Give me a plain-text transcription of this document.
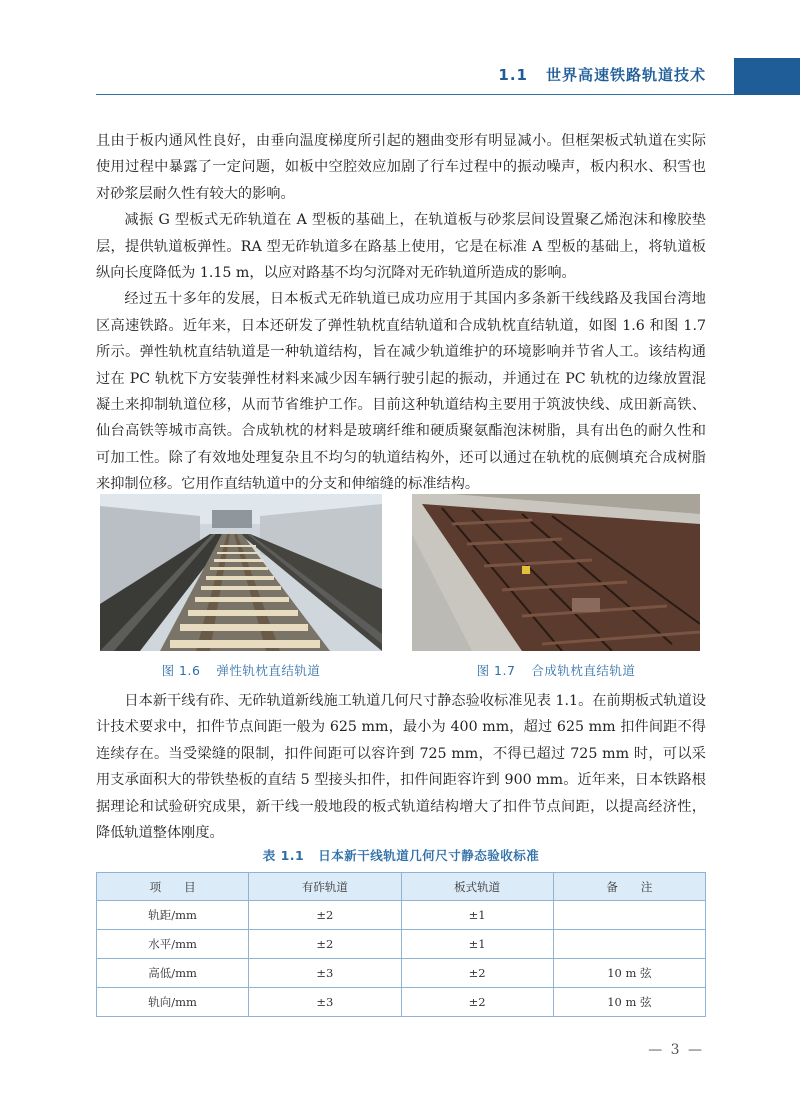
1.1 世界高速铁路轨道技术

且由于板内通风性良好，由垂向温度梯度所引起的翘曲变形有明显减小。但框架板式轨道在实际使用过程中暴露了一定问题，如板中空腔效应加剧了行车过程中的振动噪声，板内积水、积雪也对砂浆层耐久性有较大的影响。

减振 G 型板式无砟轨道在 A 型板的基础上，在轨道板与砂浆层间设置聚乙烯泡沫和橡胶垫层，提供轨道板弹性。RA 型无砟轨道多在路基上使用，它是在标准 A 型板的基础上，将轨道板纵向长度降低为 1.15 m，以应对路基不均匀沉降对无砟轨道所造成的影响。

经过五十多年的发展，日本板式无砟轨道已成功应用于其国内多条新干线线路及我国台湾地区高速铁路。近年来，日本还研发了弹性轨枕直结轨道和合成轨枕直结轨道，如图 1.6 和图 1.7 所示。弹性轨枕直结轨道是一种轨道结构，旨在减少轨道维护的环境影响并节省人工。该结构通过在 PC 轨枕下方安装弹性材料来减少因车辆行驶引起的振动，并通过在 PC 轨枕的边缘放置混凝土来抑制轨道位移，从而节省维护工作。目前这种轨道结构主要用于筑波快线、成田新高铁、仙台高铁等城市高铁。合成轨枕的材料是玻璃纤维和硬质聚氨酯泡沫树脂，具有出色的耐久性和可加工性。除了有效地处理复杂且不均匀的轨道结构外，还可以通过在轨枕的底侧填充合成树脂来抑制位移。它用作直结轨道中的分支和伸缩缝的标准结构。

图 1.6 弹性轨枕直结轨道	图 1.7 合成轨枕直结轨道

日本新干线有砟、无砟轨道新线施工轨道几何尺寸静态验收标准见表 1.1。在前期板式轨道设计技术要求中，扣件节点间距一般为 625 mm，最小为 400 mm，超过 625 mm 扣件间距不得连续存在。当受梁缝的限制，扣件间距可以容许到 725 mm，不得已超过 725 mm 时，可以采用支承面积大的带铁垫板的直结 5 型接头扣件，扣件间距容许到 900 mm。近年来，日本铁路根据理论和试验研究成果，新干线一般地段的板式轨道结构增大了扣件节点间距，以提高经济性，降低轨道整体刚度。

表 1.1 日本新干线轨道几何尺寸静态验收标准
项　　目	有砟轨道	板式轨道	备　　注
轨距/mm	±2	±1	
水平/mm	±2	±1	
高低/mm	±3	±2	10 m 弦
轨向/mm	±3	±2	10 m 弦
— 3 —
